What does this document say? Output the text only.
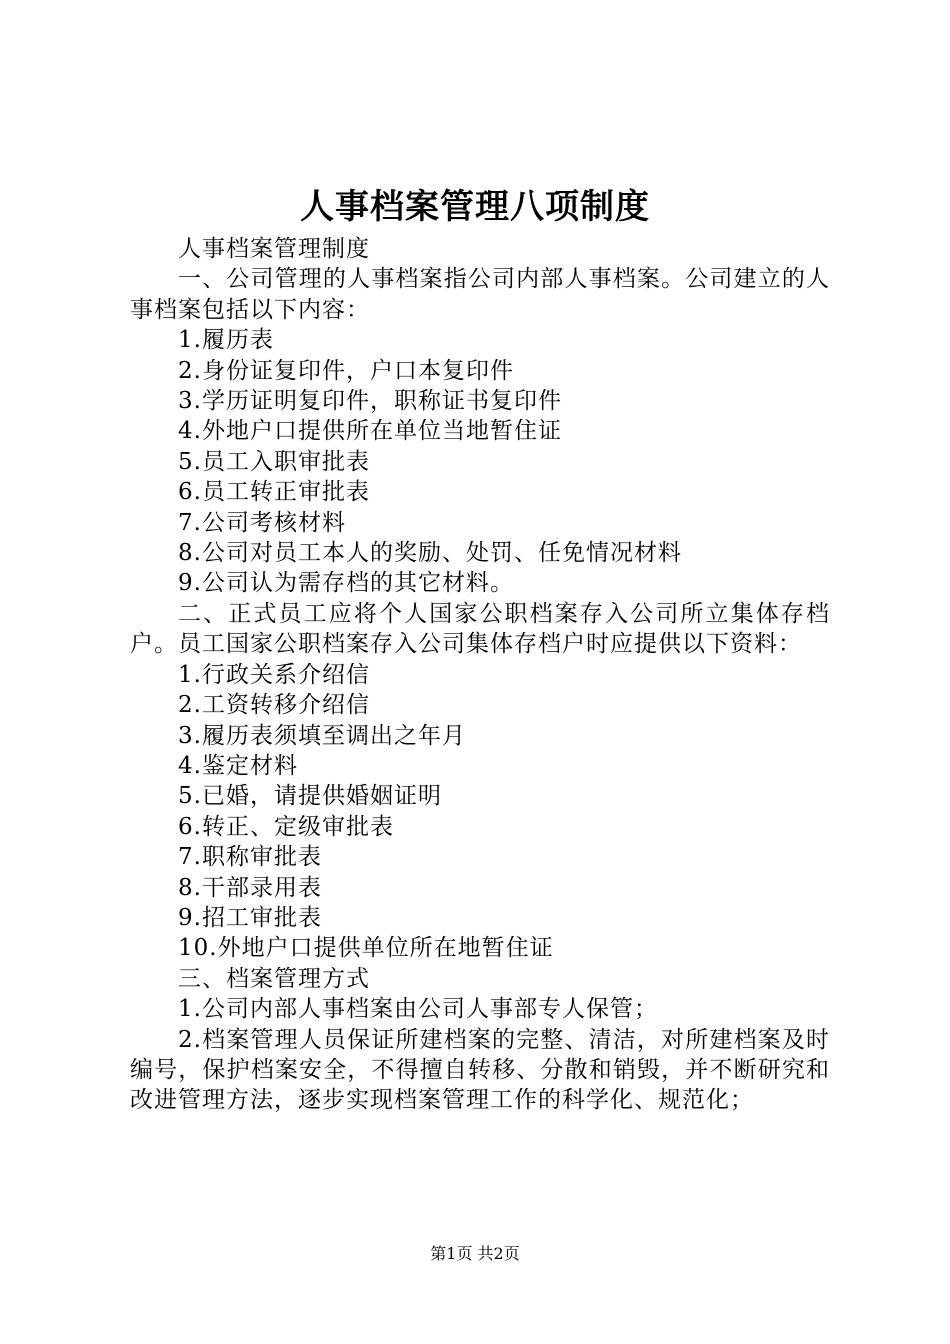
人事档案管理八项制度

人事档案管理制度

一、公司管理的人事档案指公司内部人事档案。公司建立的人事档案包括以下内容：

1.履历表

2.身份证复印件，户口本复印件

3.学历证明复印件，职称证书复印件

4.外地户口提供所在单位当地暂住证

5.员工入职审批表

6.员工转正审批表

7.公司考核材料

8.公司对员工本人的奖励、处罚、任免情况材料

9.公司认为需存档的其它材料。

二、正式员工应将个人国家公职档案存入公司所立集体存档户。员工国家公职档案存入公司集体存档户时应提供以下资料：

1.行政关系介绍信

2.工资转移介绍信

3.履历表须填至调出之年月

4.鉴定材料

5.已婚，请提供婚姻证明

6.转正、定级审批表

7.职称审批表

8.干部录用表

9.招工审批表

10.外地户口提供单位所在地暂住证

三、档案管理方式

1.公司内部人事档案由公司人事部专人保管；

2.档案管理人员保证所建档案的完整、清洁，对所建档案及时编号，保护档案安全，不得擅自转移、分散和销毁，并不断研究和改进管理方法，逐步实现档案管理工作的科学化、规范化；

第1页 共2页
